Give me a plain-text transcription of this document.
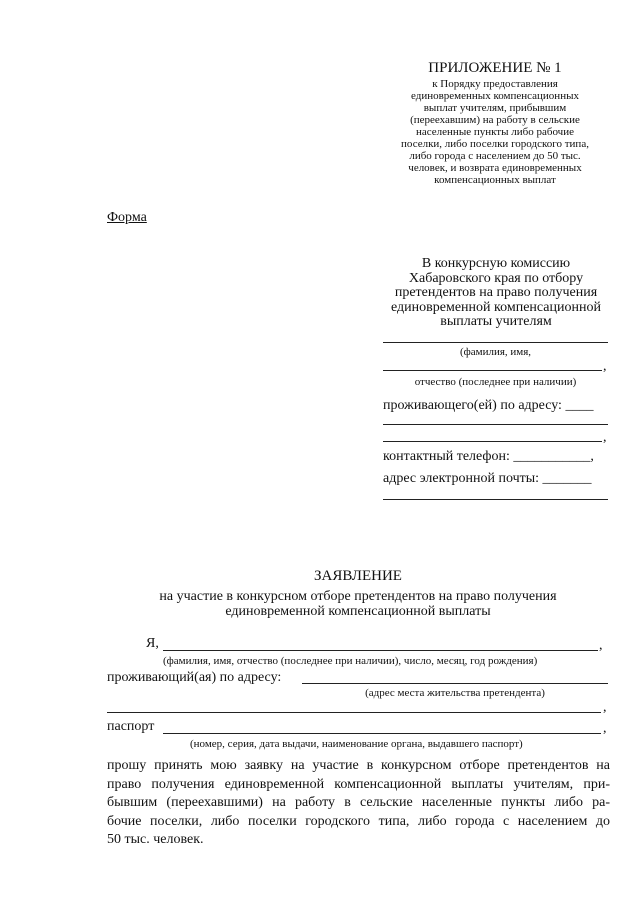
ПРИЛОЖЕНИЕ № 1
к Порядку предоставления
единовременных компенсационных
выплат учителям, прибывшим
(переехавшим) на работу в сельские
населенные пункты либо рабочие
поселки, либо поселки городского типа,
либо города с населением до 50 тыс.
человек, и возврата единовременных
компенсационных выплат
Форма
В конкурсную комиссию
Хабаровского края по отбору
претендентов на право получения
единовременной компенсационной
выплаты учителям
(фамилия, имя,
,
отчество (последнее при наличии)
проживающего(ей) по адресу: ____
,
контактный телефон: ___________,
адрес электронной почты: _______
ЗАЯВЛЕНИЕ
на участие в конкурсном отборе претендентов на право получения
единовременной компенсационной выплаты
Я,	,
(фамилия, имя, отчество (последнее при наличии), число, месяц, год рождения)
проживающий(ая) по адресу:
(адрес места жительства претендента)
,
паспорт	,
(номер, серия, дата выдачи, наименование органа, выдавшего паспорт)
прошу принять мою заявку на участие в конкурсном отборе претендентов на
право получения единовременной компенсационной выплаты учителям, при-
бывшим (переехавшими) на работу в сельские населенные пункты либо ра-
бочие поселки, либо поселки городского типа, либо города с населением до
50 тыс. человек.
